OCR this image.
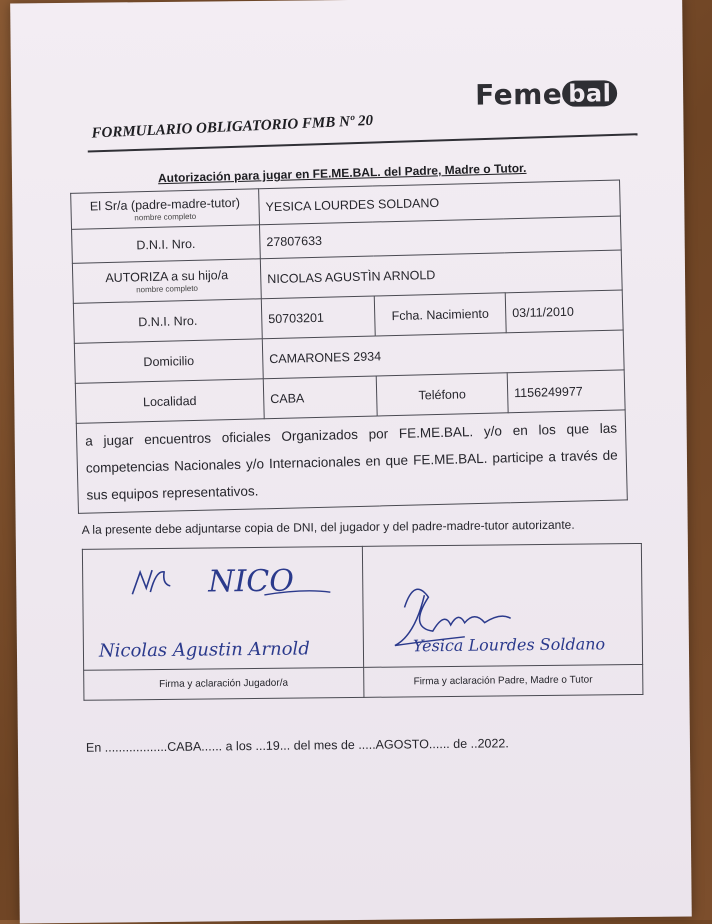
Feme bal
FORMULARIO OBLIGATORIO FMB Nº 20
Autorización para jugar en FE.ME.BAL. del Padre, Madre o Tutor.
El Sr/a (padre-madre-tutor)
nombre completo	YESICA LOURDES SOLDANO		
D.N.I. Nro.	27807633		
AUTORIZA a su hijo/a
nombre completo	NICOLAS AGUSTÌN ARNOLD		
D.N.I. Nro.	50703201	Fcha. Nacimiento	03/11/2010
Domicilio	CAMARONES 2934		
Localidad	CABA	Teléfono	1156249977
a jugar encuentros oficiales Organizados por FE.ME.BAL. y/o en los que las competencias Nacionales y/o Internacionales en que FE.ME.BAL. participe a través de sus equipos representativos.			
A la presente debe adjuntarse copia de DNI, del jugador y del padre-madre-tutor autorizante.
NICO
Nicolas Agustin Arnold	Yesica Lourdes Soldano

Firma y aclaración Jugador/a	Firma y aclaración Padre, Madre o Tutor
En ..................CABA...... a los ...19... del mes de .....AGOSTO...... de ..2022.
